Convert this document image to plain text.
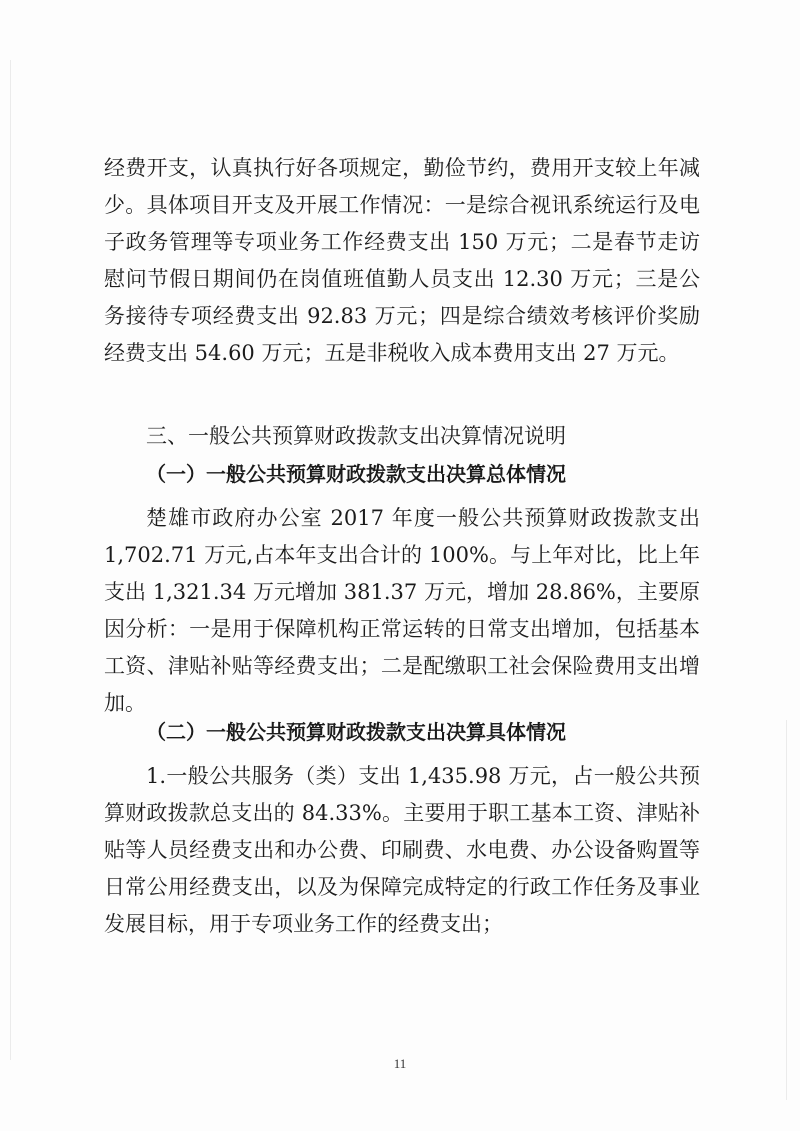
经费开支，认真执行好各项规定，勤俭节约，费用开支较上年减少。具体项目开支及开展工作情况：一是综合视讯系统运行及电子政务管理等专项业务工作经费支出 150 万元；二是春节走访慰问节假日期间仍在岗值班值勤人员支出 12.30 万元；三是公务接待专项经费支出 92.83 万元；四是综合绩效考核评价奖励经费支出 54.60 万元；五是非税收入成本费用支出 27 万元。

三、一般公共预算财政拨款支出决算情况说明

（一）一般公共预算财政拨款支出决算总体情况

楚雄市政府办公室 2017 年度一般公共预算财政拨款支出 1,702.71 万元,占本年支出合计的 100%。与上年对比，比上年支出 1,321.34 万元增加 381.37 万元，增加 28.86%，主要原因分析：一是用于保障机构正常运转的日常支出增加，包括基本工资、津贴补贴等经费支出；二是配缴职工社会保险费用支出增加。

（二）一般公共预算财政拨款支出决算具体情况

1.一般公共服务（类）支出 1,435.98 万元，占一般公共预算财政拨款总支出的 84.33%。主要用于职工基本工资、津贴补贴等人员经费支出和办公费、印刷费、水电费、办公设备购置等日常公用经费支出，以及为保障完成特定的行政工作任务及事业发展目标，用于专项业务工作的经费支出；

11
